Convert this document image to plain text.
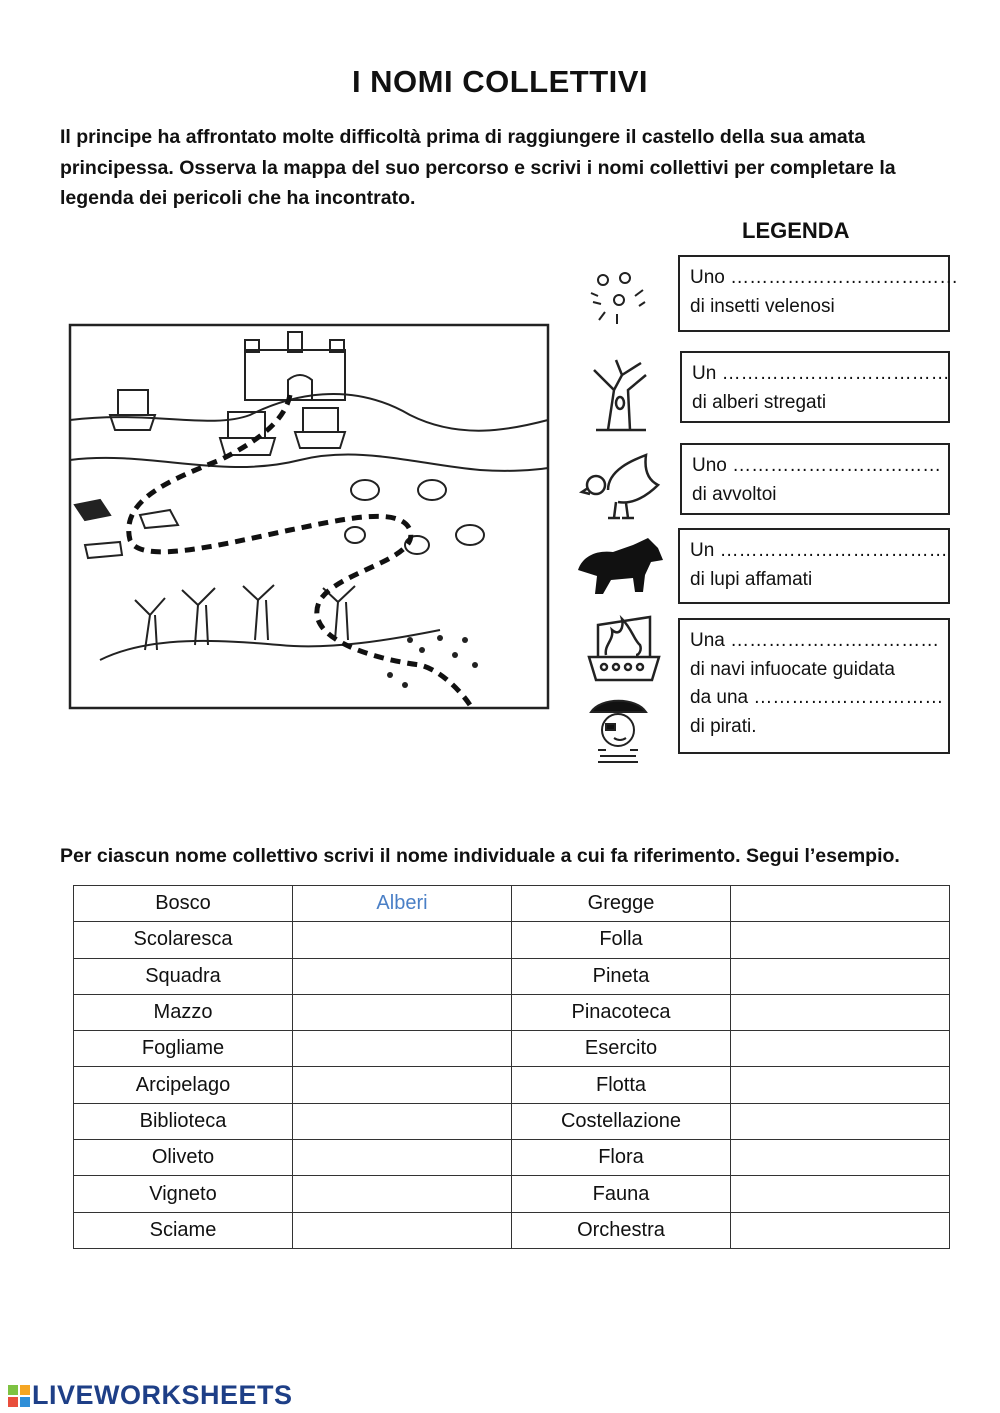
I NOMI COLLETTIVI
Il principe ha affrontato molte difficoltà prima di raggiungere il castello della sua amata principessa. Osserva la mappa del suo percorso e scrivi i nomi collettivi per completare la legenda dei pericoli che ha incontrato.
LEGENDA
Uno ………………………………
di insetti velenosi
Un ………………………………
di alberi stregati
Uno ……………………………
di avvoltoi
Un ………………………………
di lupi affamati
Una ……………………………
di navi infuocate guidata
da una …………………………
di pirati.
Per ciascun nome collettivo scrivi il nome individuale a cui fa riferimento. Segui l’esempio.
Bosco	Alberi	Gregge	
Scolaresca		Folla	
Squadra		Pineta	
Mazzo		Pinacoteca	
Fogliame		Esercito	
Arcipelago		Flotta	
Biblioteca		Costellazione	
Oliveto		Flora	
Vigneto		Fauna	
Sciame		Orchestra	
LIVEWORKSHEETS
